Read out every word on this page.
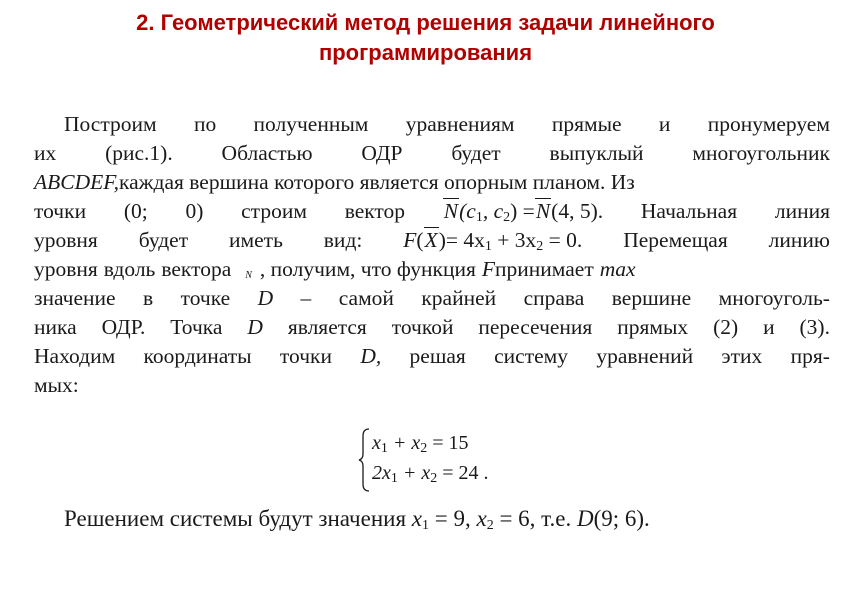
2. Геометрический метод решения задачи линейного
программирования
Построим по полученным уравнениям прямые и пронумеруем
их (рис.1). Областью ОДР будет выпуклый многоугольник
ABCDEF, каждая вершина которого является опорным планом. Из
точки (0; 0) строим вектор $N(c_1$, $c_2) =N(4$, 5). Начальная линия
уровня будет иметь вид: $F(X)= 4x_1 + 3x_2 = 0$. Перемещая линию
уровня вдоль вектора N , получим, что функция F принимает max
значение в точке D – самой крайней справа вершине многоуголь-
ника ОДР. Точка D является точкой пересечения прямых (2) и (3).
Находим координаты точки D, решая систему уравнений этих пря-
мых:
$x_1 + x_2 = 15$
$2x_1 + x_2 = 24$ .
Решением системы будут значения $x_1 = 9$, $x_2 = 6$, т.е. D(9; 6).
